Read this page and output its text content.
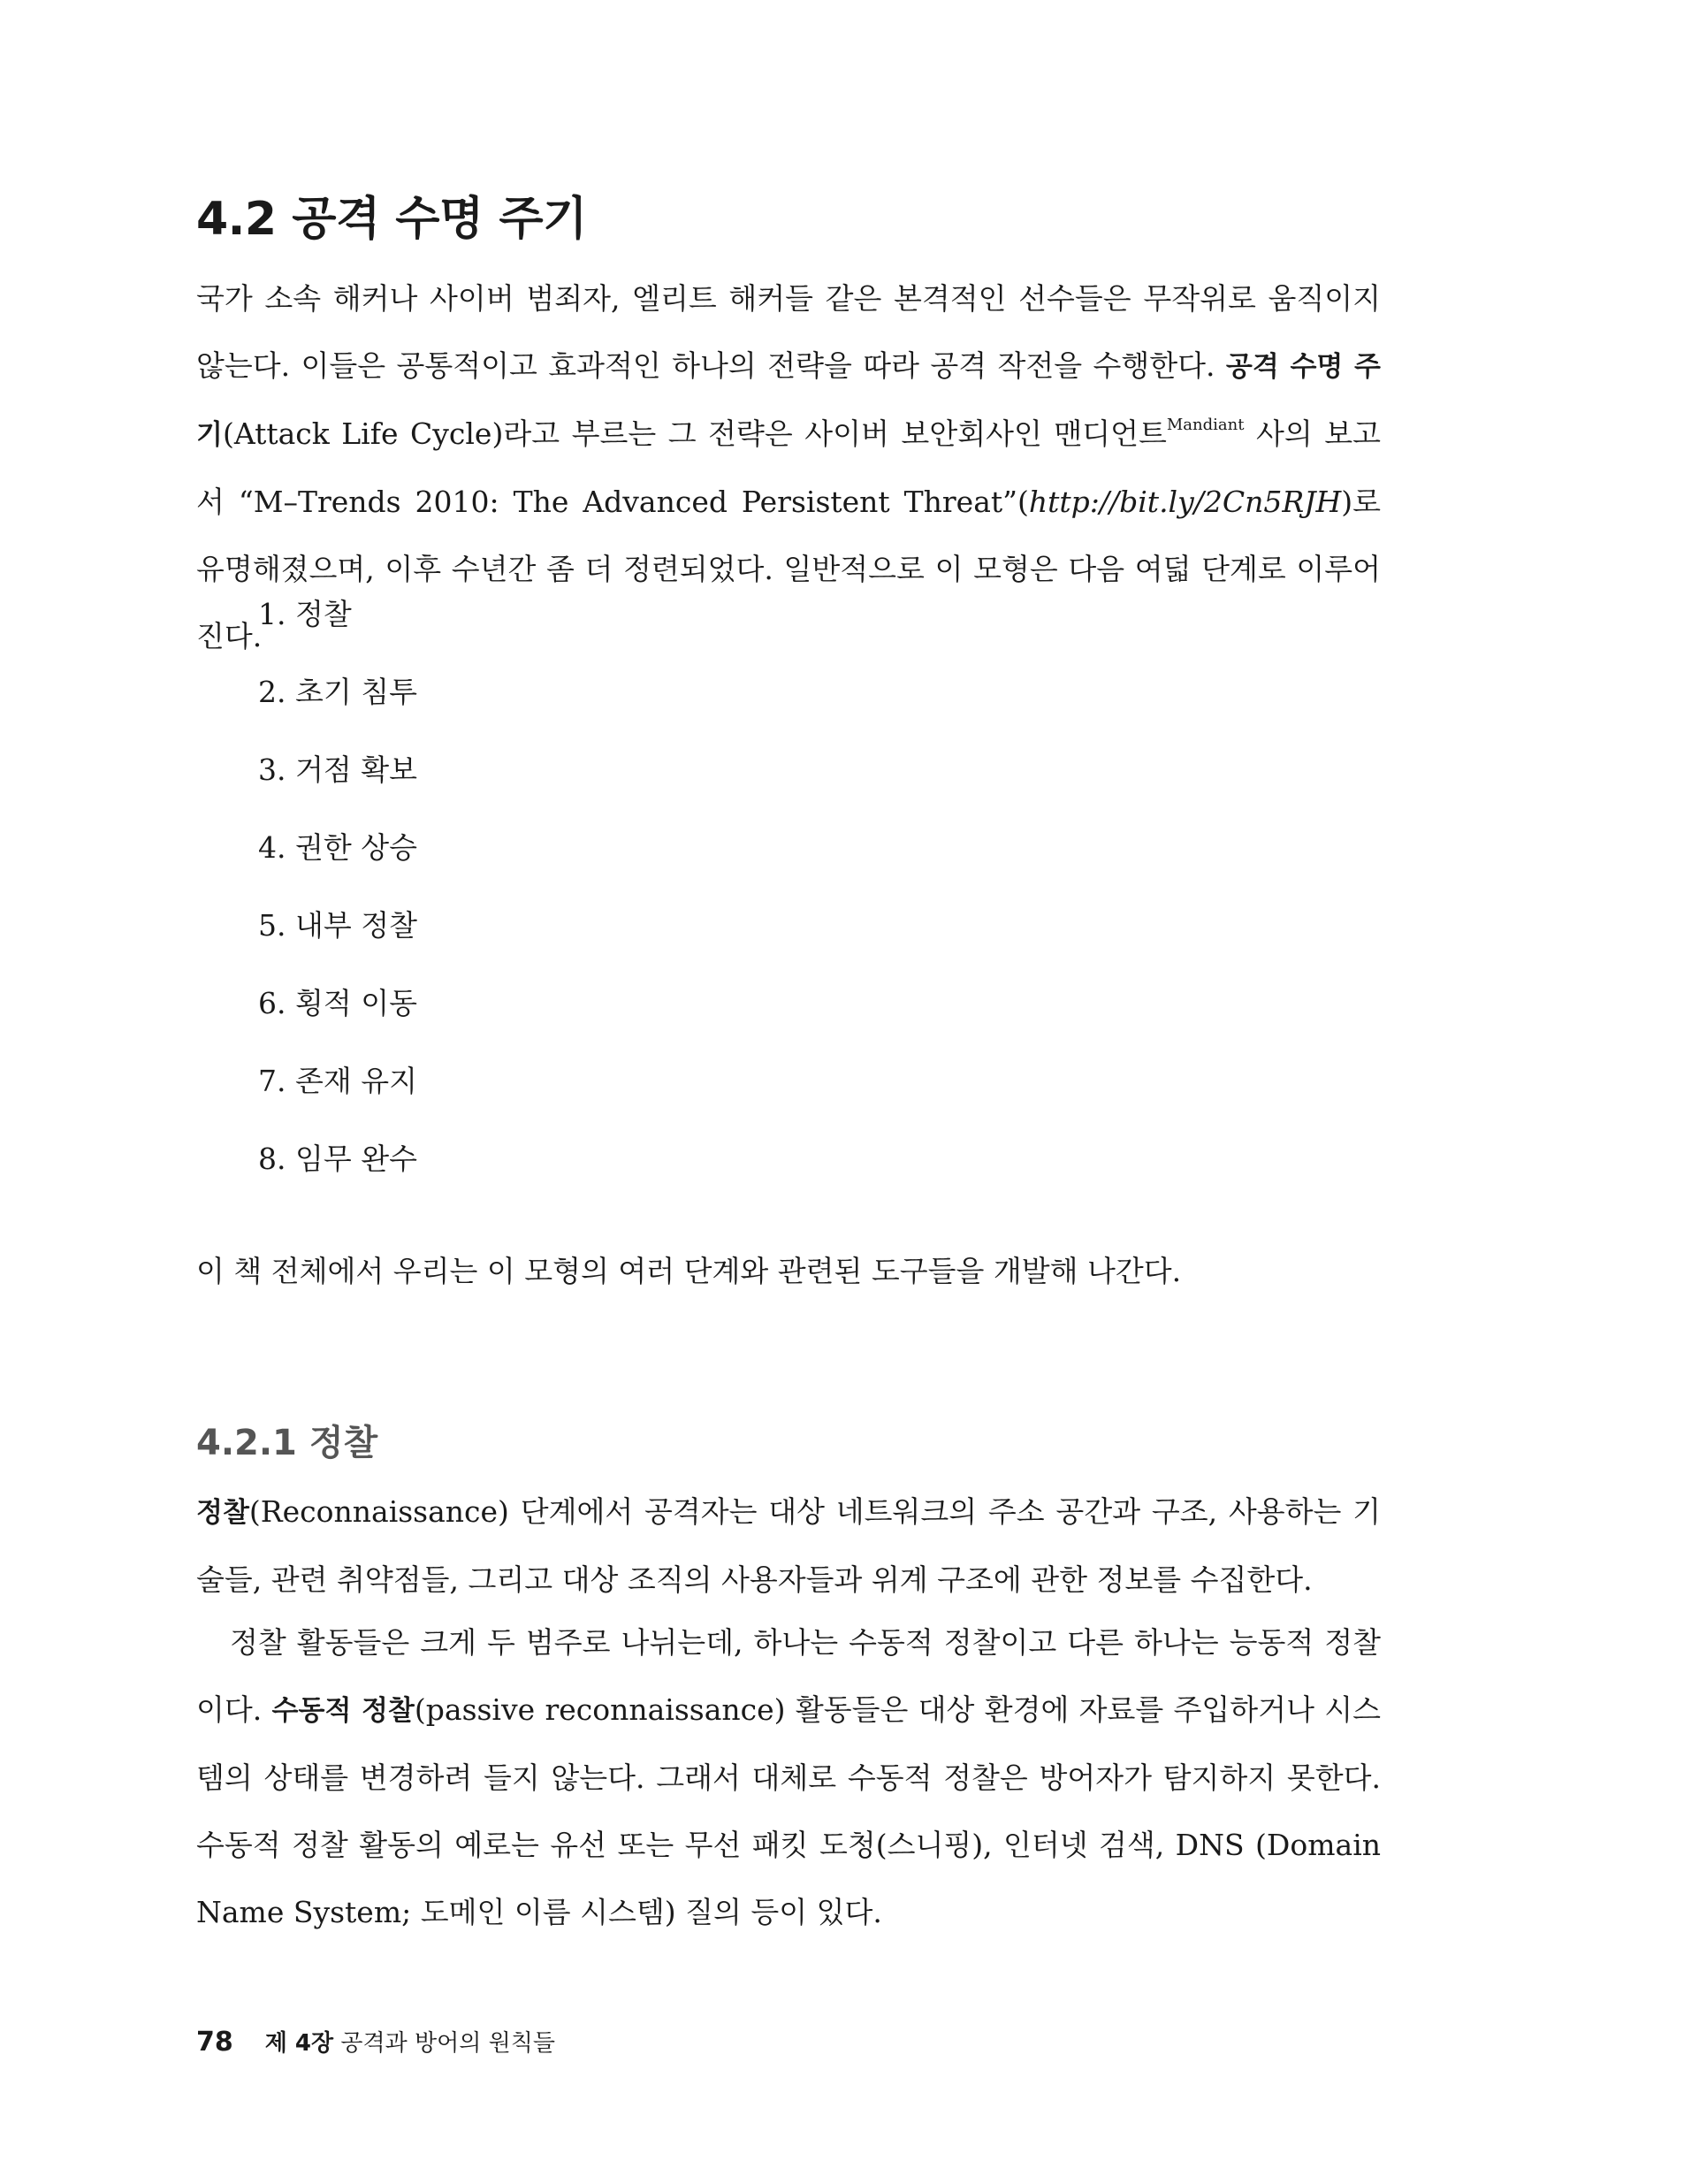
4.2 공격 수명 주기

국가 소속 해커나 사이버 범죄자, 엘리트 해커들 같은 본격적인 선수들은 무작위로 움직이지 않는다. 이들은 공통적이고 효과적인 하나의 전략을 따라 공격 작전을 수행한다. 공격 수명 주기(Attack Life Cycle)라고 부르는 그 전략은 사이버 보안회사인 맨디언트$^{Mandiant}$ 사의 보고서 “M–Trends 2010: The Advanced Persistent Threat”(http://bit.ly/2Cn5RJH)로 유명해졌으며, 이후 수년간 좀 더 정련되었다. 일반적으로 이 모형은 다음 여덟 단계로 이루어진다.

1. 정찰
2. 초기 침투
3. 거점 확보
4. 권한 상승
5. 내부 정찰
6. 횡적 이동
7. 존재 유지
8. 임무 완수

이 책 전체에서 우리는 이 모형의 여러 단계와 관련된 도구들을 개발해 나간다.

4.2.1 정찰

정찰(Reconnaissance) 단계에서 공격자는 대상 네트워크의 주소 공간과 구조, 사용하는 기술들, 관련 취약점들, 그리고 대상 조직의 사용자들과 위계 구조에 관한 정보를 수집한다.

정찰 활동들은 크게 두 범주로 나뉘는데, 하나는 수동적 정찰이고 다른 하나는 능동적 정찰이다. 수동적 정찰(passive reconnaissance) 활동들은 대상 환경에 자료를 주입하거나 시스템의 상태를 변경하려 들지 않는다. 그래서 대체로 수동적 정찰은 방어자가 탐지하지 못한다. 수동적 정찰 활동의 예로는 유선 또는 무선 패킷 도청(스니핑), 인터넷 검색, DNS (Domain Name System; 도메인 이름 시스템) 질의 등이 있다.

78 제 4장 공격과 방어의 원칙들
